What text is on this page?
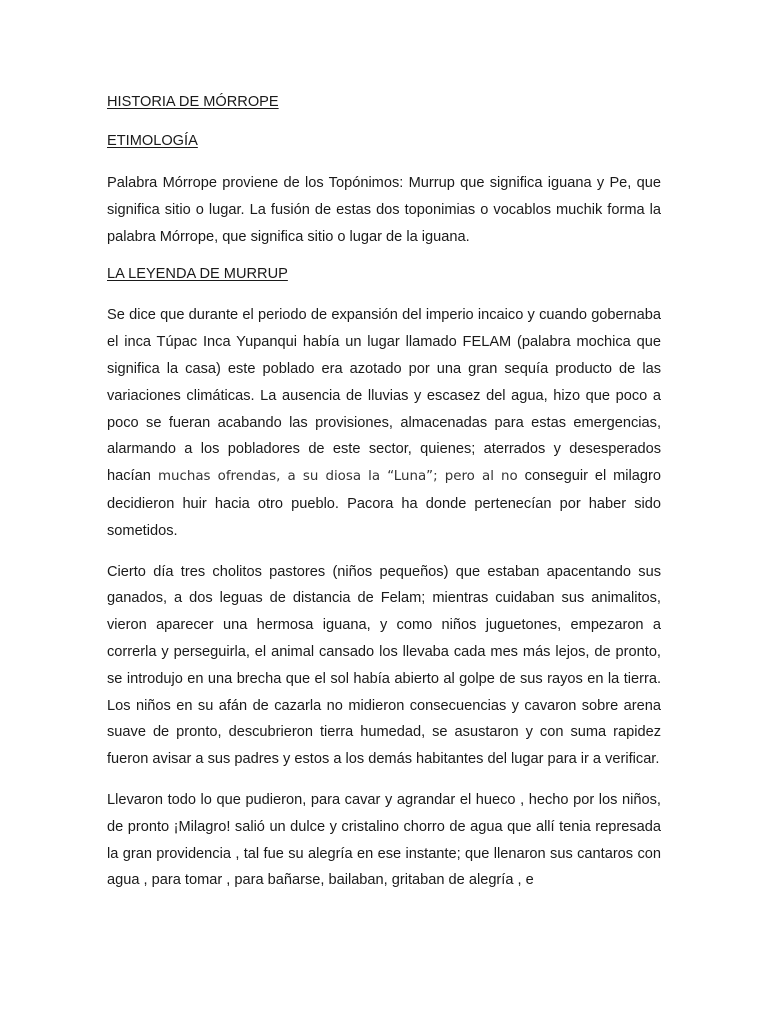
HISTORIA DE MÓRROPE
ETIMOLOGÍA

Palabra Mórrope proviene de los Topónimos: Murrup que significa iguana y Pe, que significa sitio o lugar. La fusión de estas dos toponimias o vocablos muchik forma la palabra Mórrope, que significa sitio o lugar de la iguana.

LA LEYENDA DE MURRUP

Se dice que durante el periodo de expansión del imperio incaico y cuando gobernaba el inca Túpac Inca Yupanqui había un lugar llamado FELAM (palabra mochica que significa la casa) este poblado era azotado por una gran sequía producto de las variaciones climáticas. La ausencia de lluvias y escasez del agua, hizo que poco a poco se fueran acabando las provisiones, almacenadas para estas emergencias, alarmando a los pobladores de este sector, quienes; aterrados y desesperados hacían muchas ofrendas, a su diosa la “Luna”; pero al no conseguir el milagro decidieron huir hacia otro pueblo. Pacora ha donde pertenecían por haber sido sometidos.

Cierto día tres cholitos pastores (niños pequeños) que estaban apacentando sus ganados, a dos leguas de distancia de Felam; mientras cuidaban sus animalitos, vieron aparecer una hermosa iguana, y como niños juguetones, empezaron a correrla y perseguirla, el animal cansado los llevaba cada mes más lejos, de pronto, se introdujo en una brecha que el sol había abierto al golpe de sus rayos en la tierra. Los niños en su afán de cazarla no midieron consecuencias y cavaron sobre arena suave de pronto, descubrieron tierra humedad, se asustaron y con suma rapidez fueron avisar a sus padres y estos a los demás habitantes del lugar para ir a verificar.

Llevaron todo lo que pudieron, para cavar y agrandar el hueco , hecho por los niños, de pronto ¡Milagro! salió un dulce y cristalino chorro de agua que allí tenia represada la gran providencia , tal fue su alegría en ese instante; que llenaron sus cantaros con agua , para tomar , para bañarse, bailaban, gritaban de alegría , e
